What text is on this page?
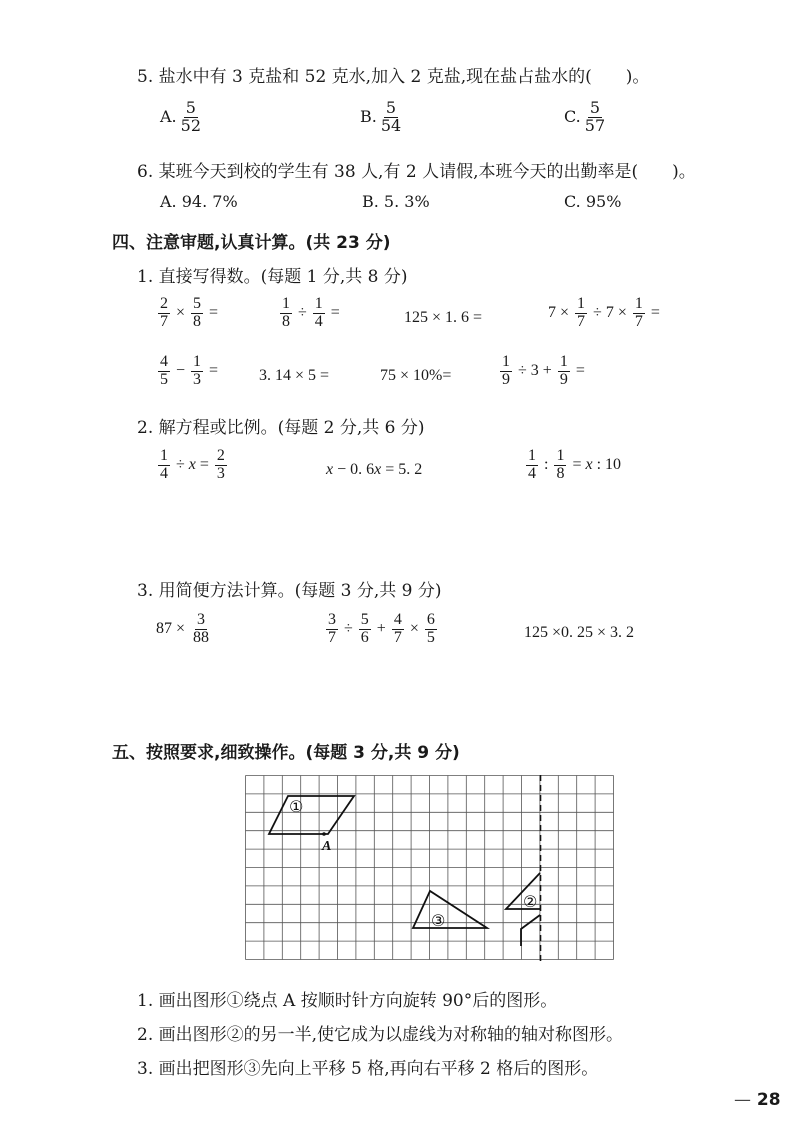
5. 盐水中有 3 克盐和 52 克水,加入 2 克盐,现在盐占盐水的(　　)。
A. $\frac{5}{52}$	B. $\frac{5}{54}$	C. $\frac{5}{57}$
6. 某班今天到校的学生有 38 人,有 2 人请假,本班今天的出勤率是(　　)。
A. 94. 7%	B. 5. 3%	C. 95%
四、注意审题,认真计算。(共 23 分)
1. 直接写得数。(每题 1 分,共 8 分)
$\frac{2}{7} \times \frac{5}{8}$ =	$\frac{1}{8} \div \frac{1}{4}$ =	125 × 1. 6 =	$7 \times \frac{1}{7} \div 7 \times \frac{1}{7}$ =
$\frac{4}{5} - \frac{1}{3}$ =	3. 14 × 5 =	75 × 10%=	$\frac{1}{9} \div 3 + \frac{1}{9}$ =
2. 解方程或比例。(每题 2 分,共 6 分)
$\frac{1}{4} \div x = \frac{2}{3}$	x − 0. 6x = 5. 2	$\frac{1}{4}$ : $\frac{1}{8} = x$ : 10
3. 用简便方法计算。(每题 3 分,共 9 分)
$87 \times \frac{3}{88}$	$\frac{3}{7} \div \frac{5}{6} + \frac{4}{7} \times \frac{6}{5}$	125 ×0. 25 × 3. 2
五、按照要求,细致操作。(每题 3 分,共 9 分)
①
②
③
A
1. 画出图形①绕点 A 按顺时针方向旋转 90°后的图形。
2. 画出图形②的另一半,使它成为以虚线为对称轴的轴对称图形。
3. 画出把图形③先向上平移 5 格,再向右平移 2 格后的图形。
— 28
